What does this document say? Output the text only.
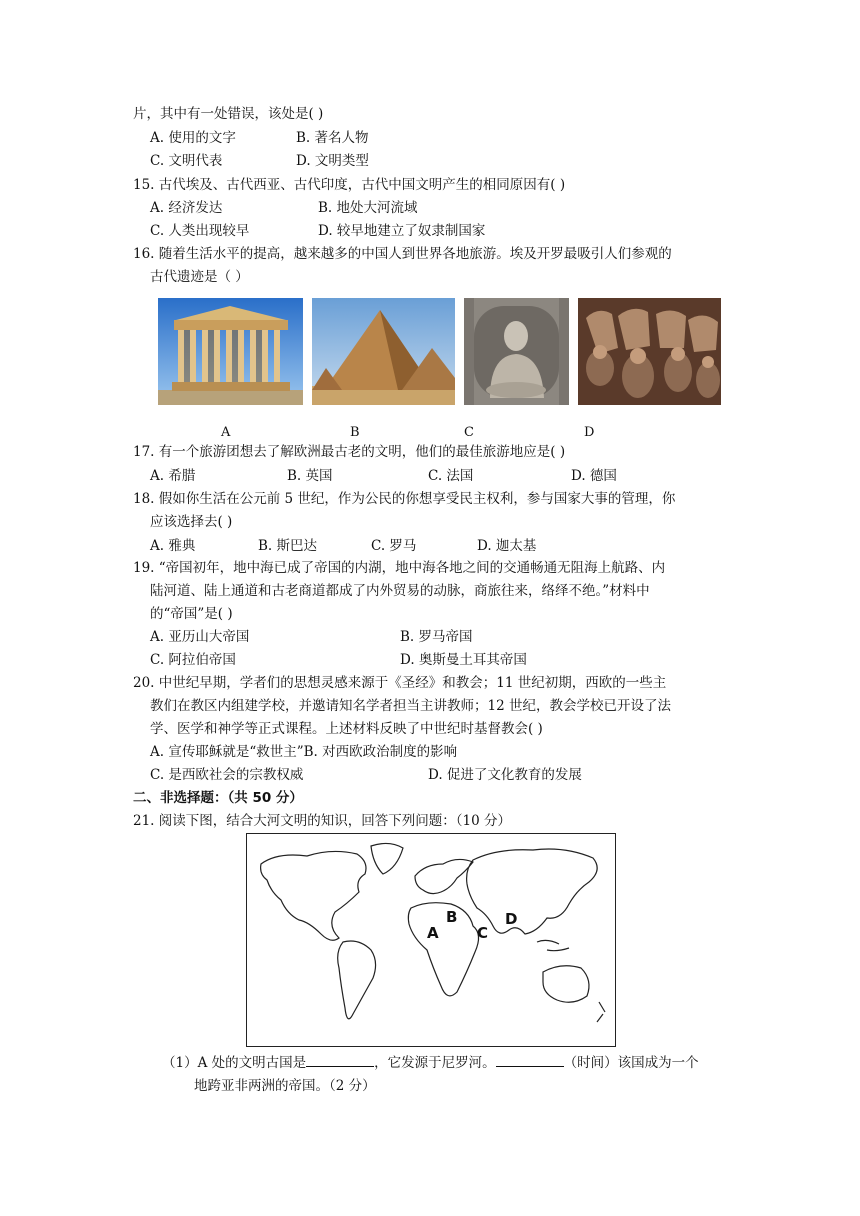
片，其中有一处错误，该处是( )
A. 使用的文字	B. 著名人物
C. 文明代表	D. 文明类型
15. 古代埃及、古代西亚、古代印度，古代中国文明产生的相同原因有( )
A. 经济发达	B. 地处大河流域
C. 人类出现较早	D. 较早地建立了奴隶制国家
16. 随着生活水平的提高，越来越多的中国人到世界各地旅游。埃及开罗最吸引人们参观的
古代遗迹是（ ）
A	B	C	D
17. 有一个旅游团想去了解欧洲最古老的文明，他们的最佳旅游地应是( )
A. 希腊	B. 英国	C. 法国	D. 德国
18. 假如你生活在公元前 5 世纪，作为公民的你想享受民主权利，参与国家大事的管理，你
应该选择去( )
A. 雅典	B. 斯巴达	C. 罗马	D. 迦太基
19. “帝国初年，地中海已成了帝国的内湖，地中海各地之间的交通畅通无阻海上航路、内
陆河道、陆上通道和古老商道都成了内外贸易的动脉，商旅往来，络绎不绝。”材料中
的“帝国”是( )
A. 亚历山大帝国	B. 罗马帝国
C. 阿拉伯帝国	D. 奥斯曼土耳其帝国
20. 中世纪早期，学者们的思想灵感来源于《圣经》和教会；11 世纪初期，西欧的一些主
教们在教区内组建学校，并邀请知名学者担当主讲教师；12 世纪，教会学校已开设了法
学、医学和神学等正式课程。上述材料反映了中世纪时基督教会( )
A. 宣传耶稣就是“救世主”B. 对西欧政治制度的影响
C. 是西欧社会的宗教权威	D. 促进了文化教育的发展
二、非选择题：（共 50 分）
21. 阅读下图，结合大河文明的知识，回答下列问题：（10 分）
A
B
C
D
（1）A 处的文明古国是	，它发源于尼罗河。	（时间）该国成为一个
地跨亚非两洲的帝国。（2 分）
